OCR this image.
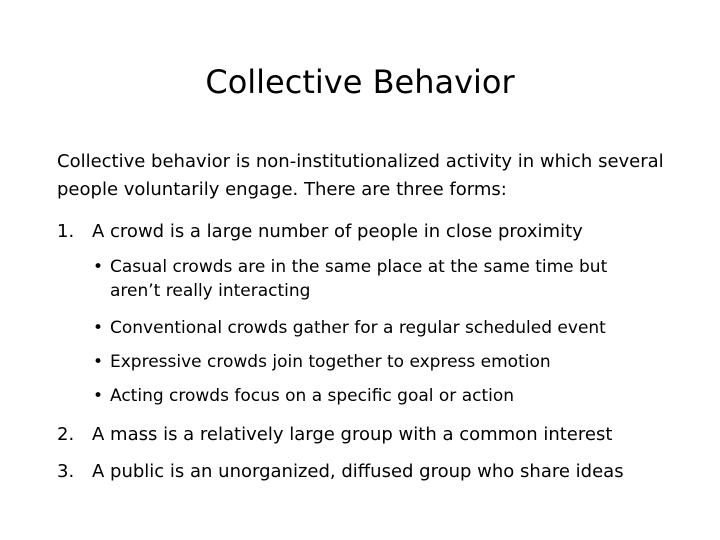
Collective Behavior
Collective behavior is non-institutionalized activity in which several people voluntarily engage. There are three forms:
1. A crowd is a large number of people in close proximity
• Casual crowds are in the same place at the same time but aren’t really interacting
• Conventional crowds gather for a regular scheduled event
• Expressive crowds join together to express emotion
• Acting crowds focus on a specific goal or action
2. A mass is a relatively large group with a common interest
3. A public is an unorganized, diffused group who share ideas
